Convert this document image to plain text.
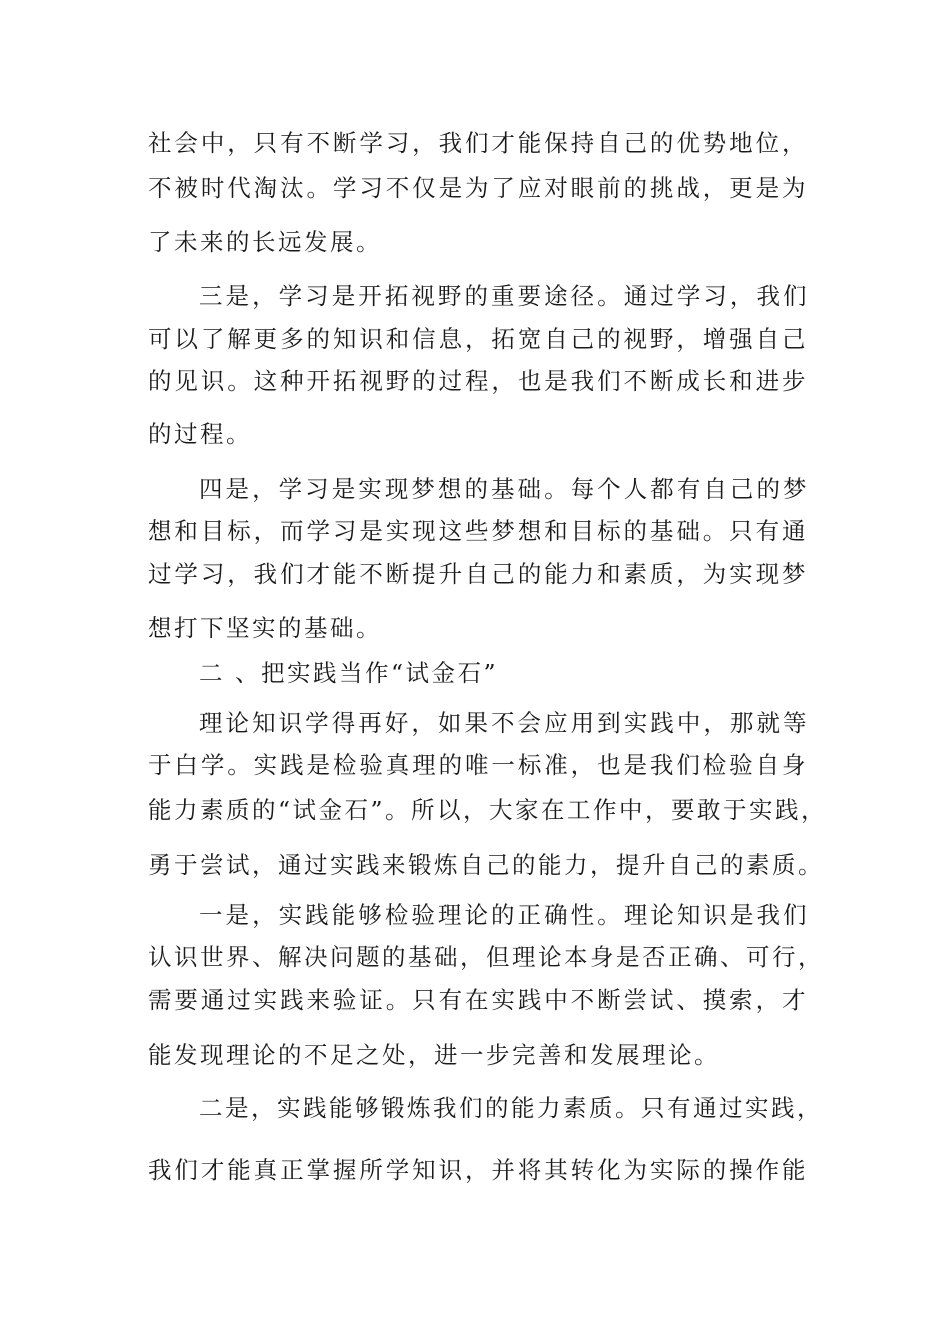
社会中，只有不断学习，我们才能保持自己的优势地位，
不被时代淘汰。学习不仅是为了应对眼前的挑战，更是为
了未来的长远发展。
三是，学习是开拓视野的重要途径。通过学习，我们
可以了解更多的知识和信息，拓宽自己的视野，增强自己
的见识。这种开拓视野的过程，也是我们不断成长和进步
的过程。
四是，学习是实现梦想的基础。每个人都有自己的梦
想和目标，而学习是实现这些梦想和目标的基础。只有通
过学习，我们才能不断提升自己的能力和素质，为实现梦
想打下坚实的基础。
二 、把实践当作“试金石”
理论知识学得再好，如果不会应用到实践中，那就等
于白学。实践是检验真理的唯一标准，也是我们检验自身
能力素质的“试金石”。所以，大家在工作中，要敢于实践，
勇于尝试，通过实践来锻炼自己的能力，提升自己的素质。
一是，实践能够检验理论的正确性。理论知识是我们
认识世界、解决问题的基础，但理论本身是否正确、可行，
需要通过实践来验证。只有在实践中不断尝试、摸索，才
能发现理论的不足之处，进一步完善和发展理论。
二是，实践能够锻炼我们的能力素质。只有通过实践，
我们才能真正掌握所学知识，并将其转化为实际的操作能
